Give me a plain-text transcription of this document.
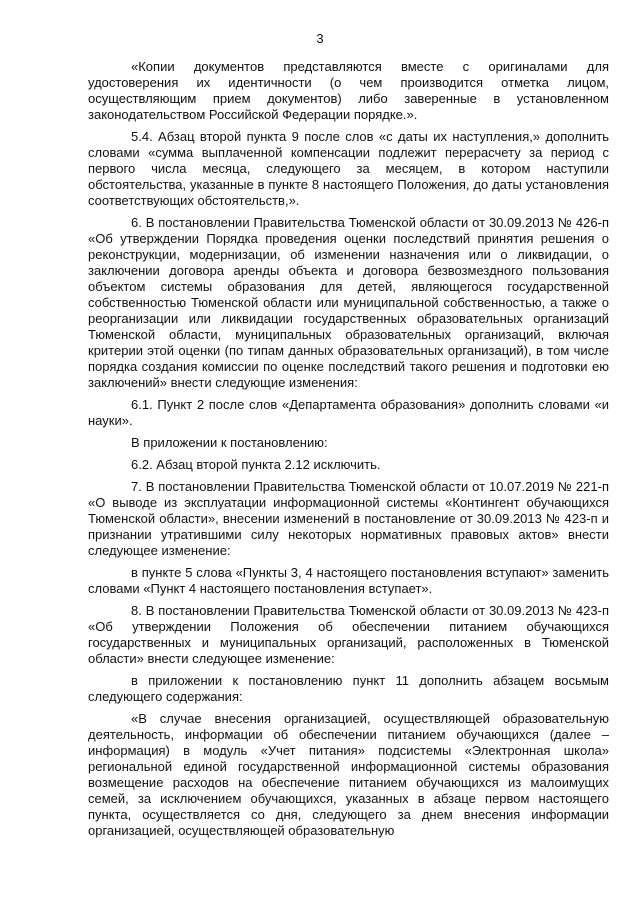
3

«Копии документов представляются вместе с оригиналами для удостоверения их идентичности (о чем производится отметка лицом, осуществляющим прием документов) либо заверенные в установленном законодательством Российской Федерации порядке.».

5.4. Абзац второй пункта 9 после слов «с даты их наступления,» дополнить словами «сумма выплаченной компенсации подлежит перерасчету за период с первого числа месяца, следующего за месяцем, в котором наступили обстоятельства, указанные в пункте 8 настоящего Положения, до даты установления соответствующих обстоятельств,».

6. В постановлении Правительства Тюменской области от 30.09.2013 № 426-п «Об утверждении Порядка проведения оценки последствий принятия решения о реконструкции, модернизации, об изменении назначения или о ликвидации, о заключении договора аренды объекта и договора безвозмездного пользования объектом системы образования для детей, являющегося государственной собственностью Тюменской области или муниципальной собственностью, а также о реорганизации или ликвидации государственных образовательных организаций Тюменской области, муниципальных образовательных организаций, включая критерии этой оценки (по типам данных образовательных организаций), в том числе порядка создания комиссии по оценке последствий такого решения и подготовки ею заключений» внести следующие изменения:

6.1. Пункт 2 после слов «Департамента образования» дополнить словами «и науки».

В приложении к постановлению:

6.2. Абзац второй пункта 2.12 исключить.

7. В постановлении Правительства Тюменской области от 10.07.2019 № 221-п «О выводе из эксплуатации информационной системы «Контингент обучающихся Тюменской области», внесении изменений в постановление от 30.09.2013 № 423-п и признании утратившими силу некоторых нормативных правовых актов» внести следующее изменение:

в пункте 5 слова «Пункты 3, 4 настоящего постановления вступают» заменить словами «Пункт 4 настоящего постановления вступает».

8. В постановлении Правительства Тюменской области от 30.09.2013 № 423-п «Об утверждении Положения об обеспечении питанием обучающихся государственных и муниципальных организаций, расположенных в Тюменской области» внести следующее изменение:

в приложении к постановлению пункт 11 дополнить абзацем восьмым следующего содержания:

«В случае внесения организацией, осуществляющей образовательную деятельность, информации об обеспечении питанием обучающихся (далее – информация) в модуль «Учет питания» подсистемы «Электронная школа» региональной единой государственной информационной системы образования возмещение расходов на обеспечение питанием обучающихся из малоимущих семей, за исключением обучающихся, указанных в абзаце первом настоящего пункта, осуществляется со дня, следующего за днем внесения информации организацией, осуществляющей образовательную
